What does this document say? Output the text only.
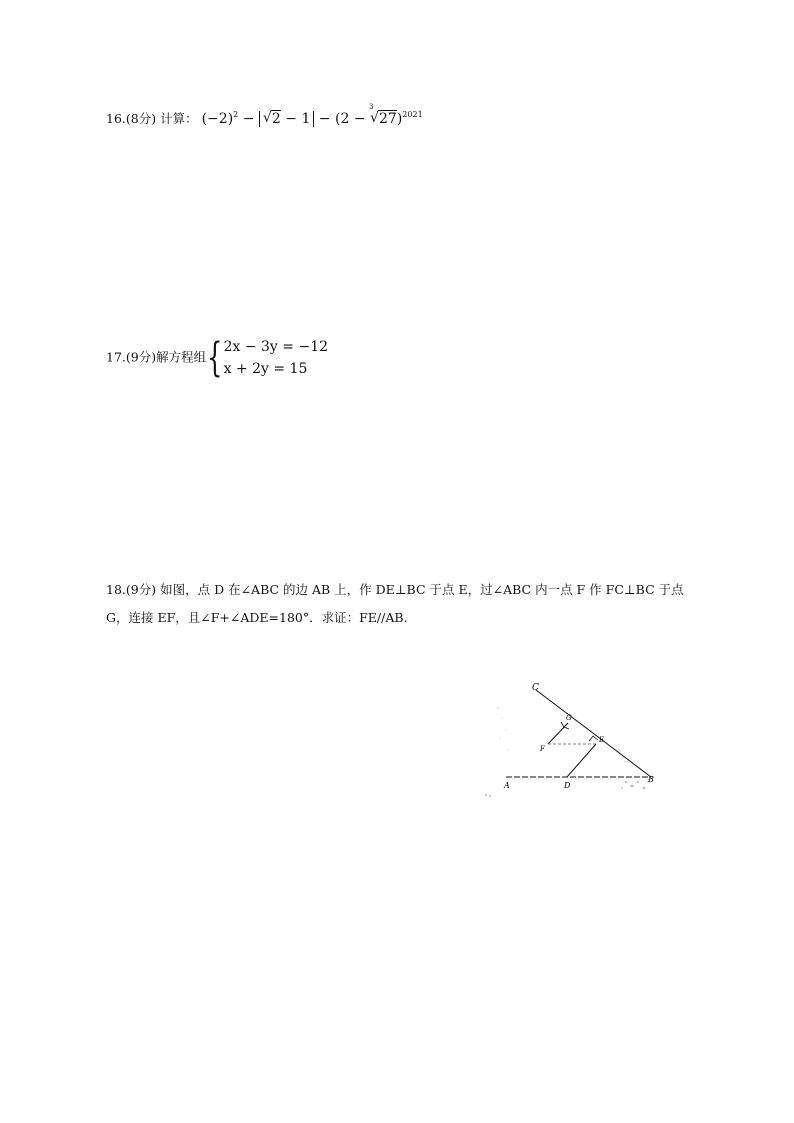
16.(8分) 计算： $(-2)^2$ − √ 2 − 1 − (2 −
3
√ 27)$^{2021}$
17.(9分)解方程组{ 2x − 3y = −12
x + 2y = 15
18.(9分) 如图，点 D 在∠ABC 的边 AB 上，作 DE⊥BC 于点 E，过∠ABC 内一点 F 作 FC⊥BC 于点
G，连接 EF，且∠F+∠ADE=180°．求证：FE//AB.
C
G
E
F
A	D
B
